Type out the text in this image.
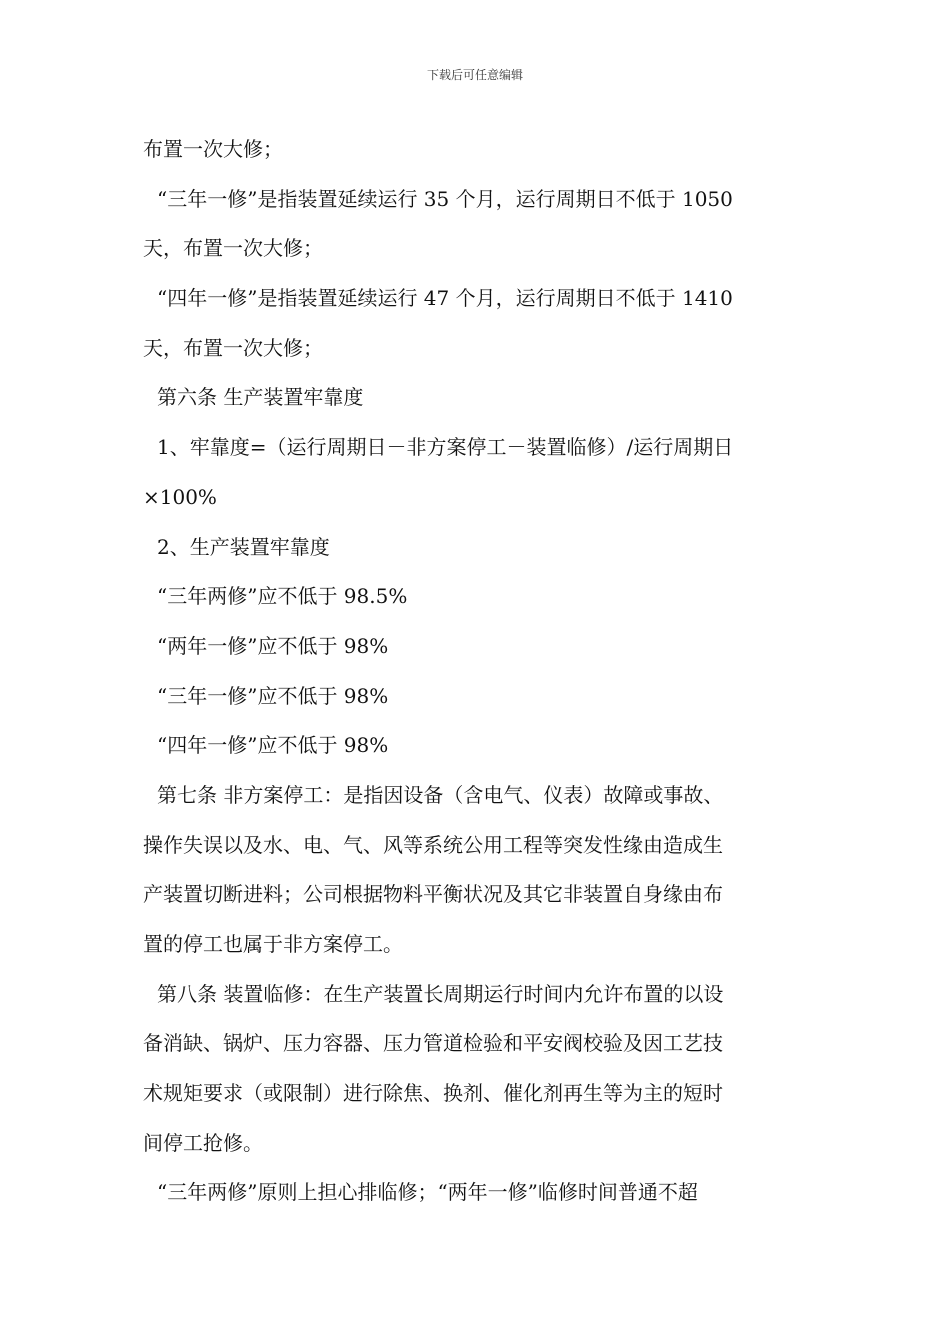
下载后可任意编辑
布置一次大修；
“三年一修”是指装置延续运行 35 个月，运行周期日不低于 1050
天，布置一次大修；
“四年一修”是指装置延续运行 47 个月，运行周期日不低于 1410
天，布置一次大修；
第六条 生产装置牢靠度
1、牢靠度=（运行周期日－非方案停工－装置临修）/运行周期日
×100%
2、生产装置牢靠度
“三年两修”应不低于 98.5%
“两年一修”应不低于 98%
“三年一修”应不低于 98%
“四年一修”应不低于 98%
第七条 非方案停工：是指因设备（含电气、仪表）故障或事故、
操作失误以及水、电、气、风等系统公用工程等突发性缘由造成生
产装置切断进料；公司根据物料平衡状况及其它非装置自身缘由布
置的停工也属于非方案停工。
第八条 装置临修：在生产装置长周期运行时间内允许布置的以设
备消缺、锅炉、压力容器、压力管道检验和平安阀校验及因工艺技
术规矩要求（或限制）进行除焦、换剂、催化剂再生等为主的短时
间停工抢修。
“三年两修”原则上担心排临修；“两年一修”临修时间普通不超
